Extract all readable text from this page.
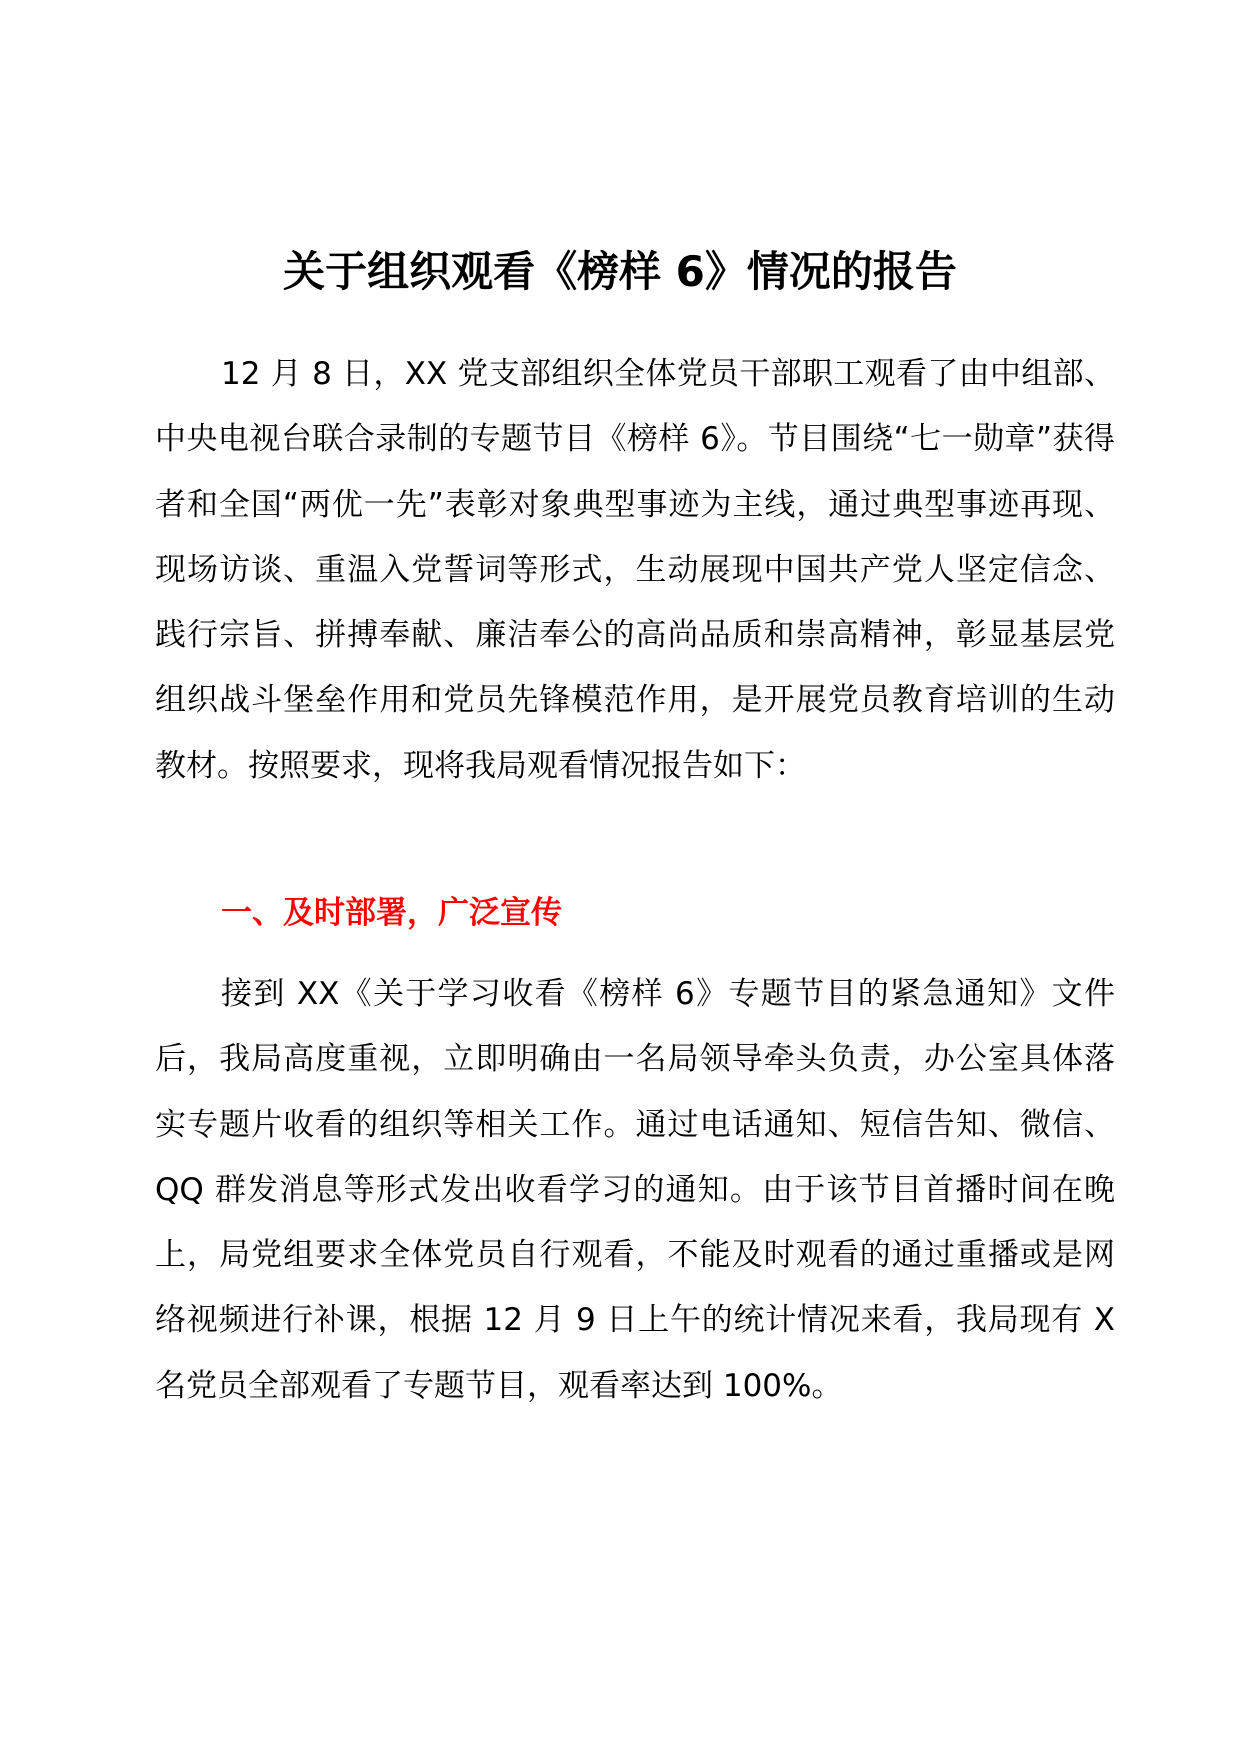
关于组织观看《榜样 6》情况的报告

12 月 8 日，XX 党支部组织全体党员干部职工观看了由中组部、中央电视台联合录制的专题节目《榜样 6》。节目围绕“七一勋章”获得者和全国“两优一先”表彰对象典型事迹为主线，通过典型事迹再现、现场访谈、重温入党誓词等形式，生动展现中国共产党人坚定信念、践行宗旨、拼搏奉献、廉洁奉公的高尚品质和崇高精神，彰显基层党组织战斗堡垒作用和党员先锋模范作用，是开展党员教育培训的生动教材。按照要求，现将我局观看情况报告如下：

一、及时部署，广泛宣传

接到 XX《关于学习收看《榜样 6》专题节目的紧急通知》文件后，我局高度重视，立即明确由一名局领导牵头负责，办公室具体落实专题片收看的组织等相关工作。通过电话通知、短信告知、微信、QQ 群发消息等形式发出收看学习的通知。由于该节目首播时间在晚上，局党组要求全体党员自行观看，不能及时观看的通过重播或是网络视频进行补课，根据 12 月 9 日上午的统计情况来看，我局现有 X 名党员全部观看了专题节目，观看率达到 100%。
